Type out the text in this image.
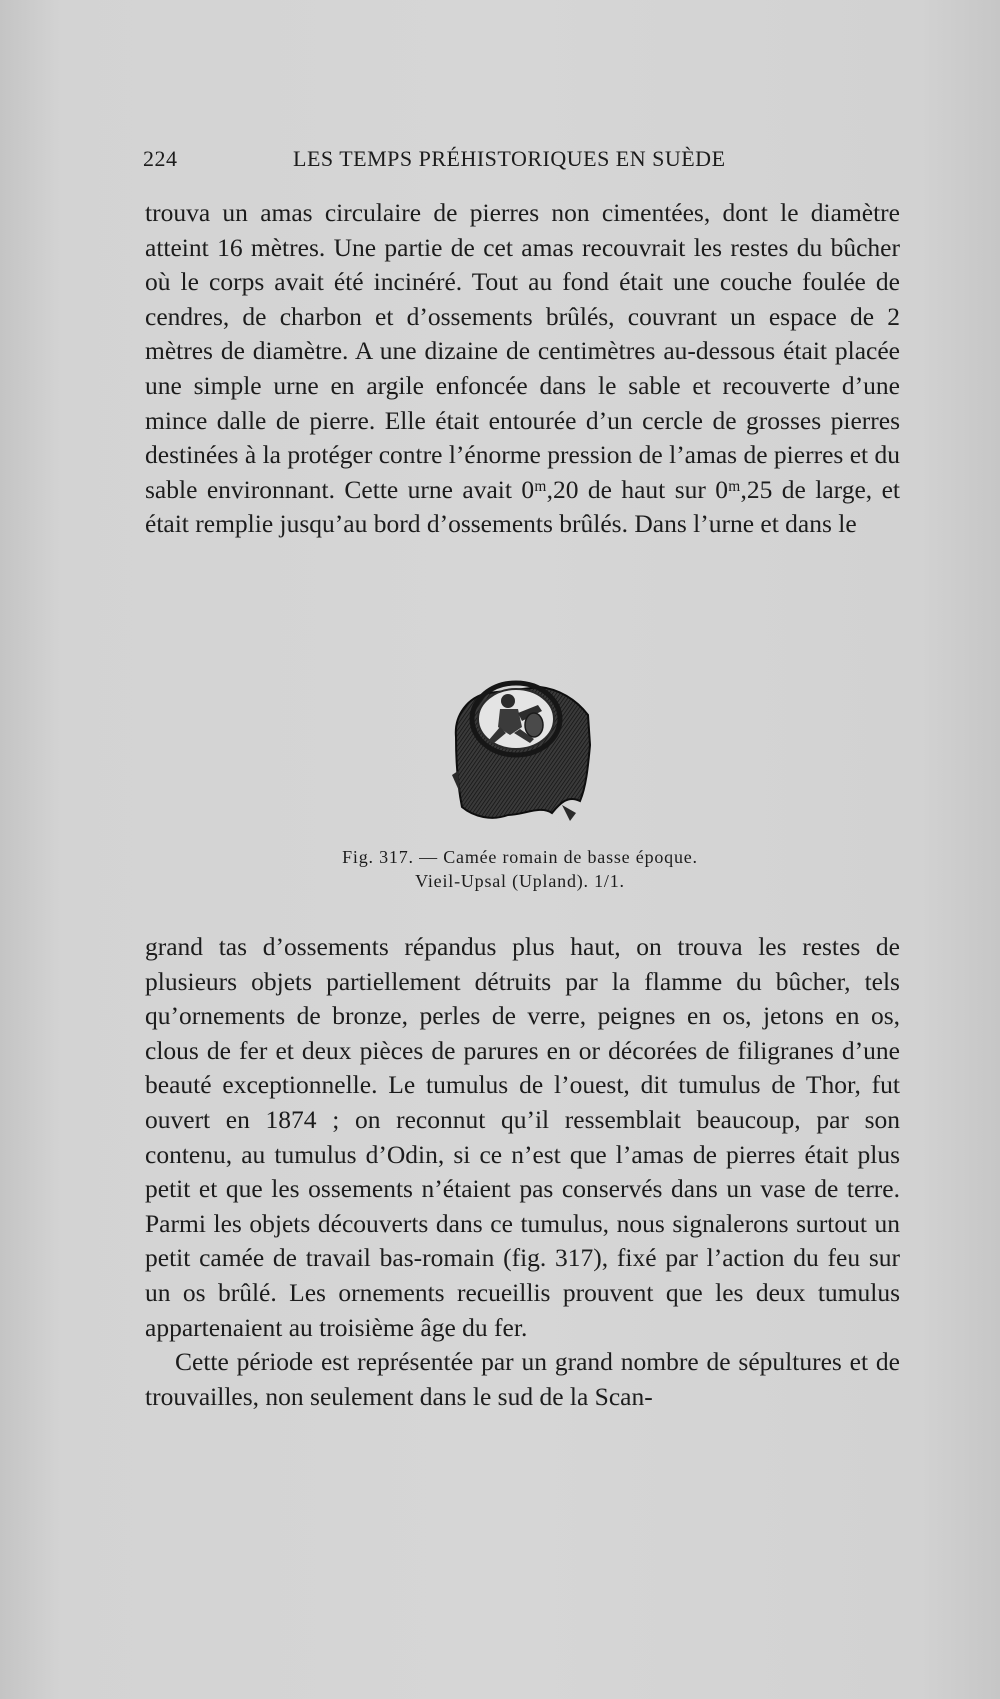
224	LES TEMPS PRÉHISTORIQUES EN SUÈDE

trouva un amas circulaire de pierres non cimentées, dont le diamètre atteint 16 mètres. Une partie de cet amas recouvrait les restes du bûcher où le corps avait été incinéré. Tout au fond était une couche foulée de cendres, de charbon et d’ossements brûlés, couvrant un espace de 2 mètres de diamètre. A une dizaine de centimètres au-dessous était placée une simple urne en argile enfoncée dans le sable et recouverte d’une mince dalle de pierre. Elle était entourée d’un cercle de grosses pierres destinées à la protéger contre l’énorme pression de l’amas de pierres et du sable environnant. Cette urne avait 0ᵐ,20 de haut sur 0ᵐ,25 de large, et était remplie jusqu’au bord d’ossements brûlés. Dans l’urne et dans le

Fig. 317. — Camée romain de basse époque.
Vieil-Upsal (Upland). 1/1.

grand tas d’ossements répandus plus haut, on trouva les restes de plusieurs objets partiellement détruits par la flamme du bûcher, tels qu’ornements de bronze, perles de verre, peignes en os, jetons en os, clous de fer et deux pièces de parures en or décorées de filigranes d’une beauté exceptionnelle. Le tumulus de l’ouest, dit tumulus de Thor, fut ouvert en 1874 ; on reconnut qu’il ressemblait beaucoup, par son contenu, au tumulus d’Odin, si ce n’est que l’amas de pierres était plus petit et que les ossements n’étaient pas conservés dans un vase de terre. Parmi les objets découverts dans ce tumulus, nous signalerons surtout un petit camée de travail bas-romain (fig. 317), fixé par l’action du feu sur un os brûlé. Les ornements recueillis prouvent que les deux tumulus appartenaient au troisième âge du fer.

Cette période est représentée par un grand nombre de sépultures et de trouvailles, non seulement dans le sud de la Scan-
